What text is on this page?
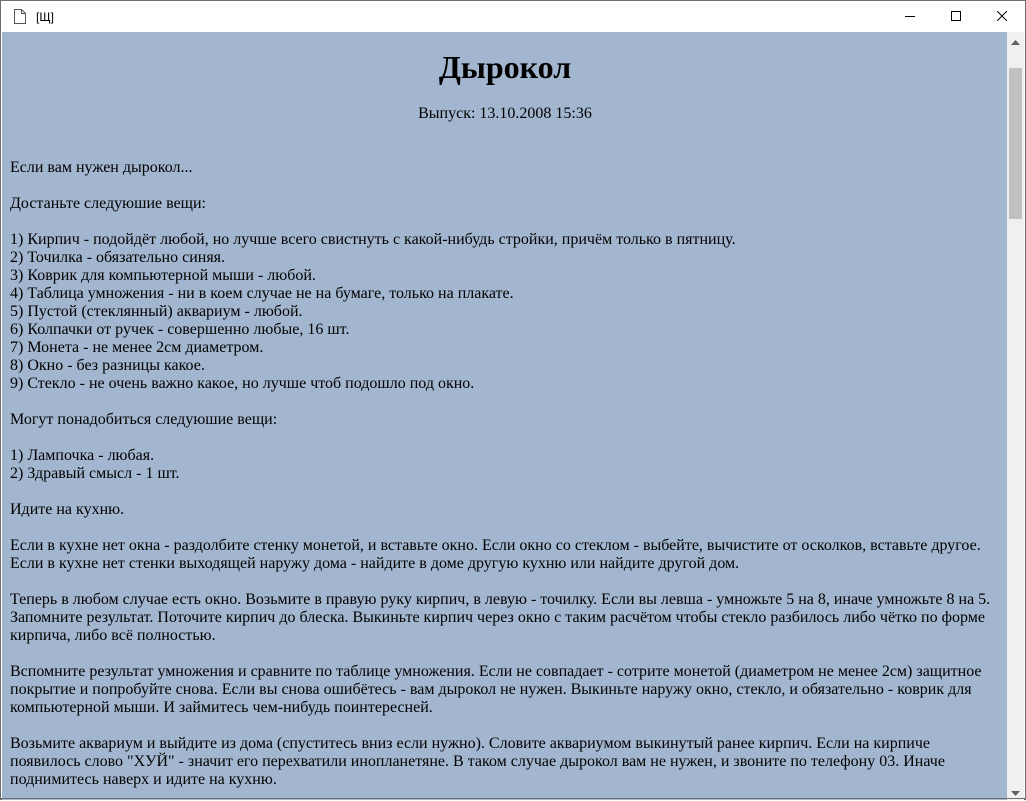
[Щ]
Дырокол
Выпуск: 13.10.2008 15:36

Если вам нужен дырокол...

Достаньте следуюшие вещи:

1) Кирпич - подойдёт любой, но лучше всего свистнуть с какой-нибудь стройки, причём только в пятницу.

2) Точилка - обязательно синяя.

3) Коврик для компьютерной мыши - любой.

4) Таблица умножения - ни в коем случае не на бумаге, только на плакате.

5) Пустой (стеклянный) аквариум - любой.

6) Колпачки от ручек - совершенно любые, 16 шт.

7) Монета - не менее 2см диаметром.

8) Окно - без разницы какое.

9) Стекло - не очень важно какое, но лучше чтоб подошло под окно.

Могут понадобиться следуюшие вещи:

1) Лампочка - любая.

2) Здравый смысл - 1 шт.

Идите на кухню.

Если в кухне нет окна - раздолбите стенку монетой, и вставьте окно. Если окно со стеклом - выбейте, вычистите от осколков, вставьте другое.

Если в кухне нет стенки выходящей наружу дома - найдите в доме другую кухню или найдите другой дом.

Теперь в любом случае есть окно. Возьмите в правую руку кирпич, в левую - точилку. Если вы левша - умножьте 5 на 8, иначе умножьте 8 на 5.

Запомните результат. Поточите кирпич до блеска. Выкиньте кирпич через окно с таким расчётом чтобы стекло разбилось либо чётко по форме

кирпича, либо всё полностью.

Вспомните результат умножения и сравните по таблице умножения. Если не совпадает - сотрите монетой (диаметром не менее 2см) защитное

покрытие и попробуйте снова. Если вы снова ошибётесь - вам дырокол не нужен. Выкиньте наружу окно, стекло, и обязательно - коврик для

компьютерной мыши. И займитесь чем-нибудь поинтересней.

Возьмите аквариум и выйдите из дома (спуститесь вниз если нужно). Словите аквариумом выкинутый ранее кирпич. Если на кирпиче

появилось слово "ХУЙ" - значит его перехватили инопланетяне. В таком случае дырокол вам не нужен, и звоните по телефону 03. Иначе

поднимитесь наверх и идите на кухню.
